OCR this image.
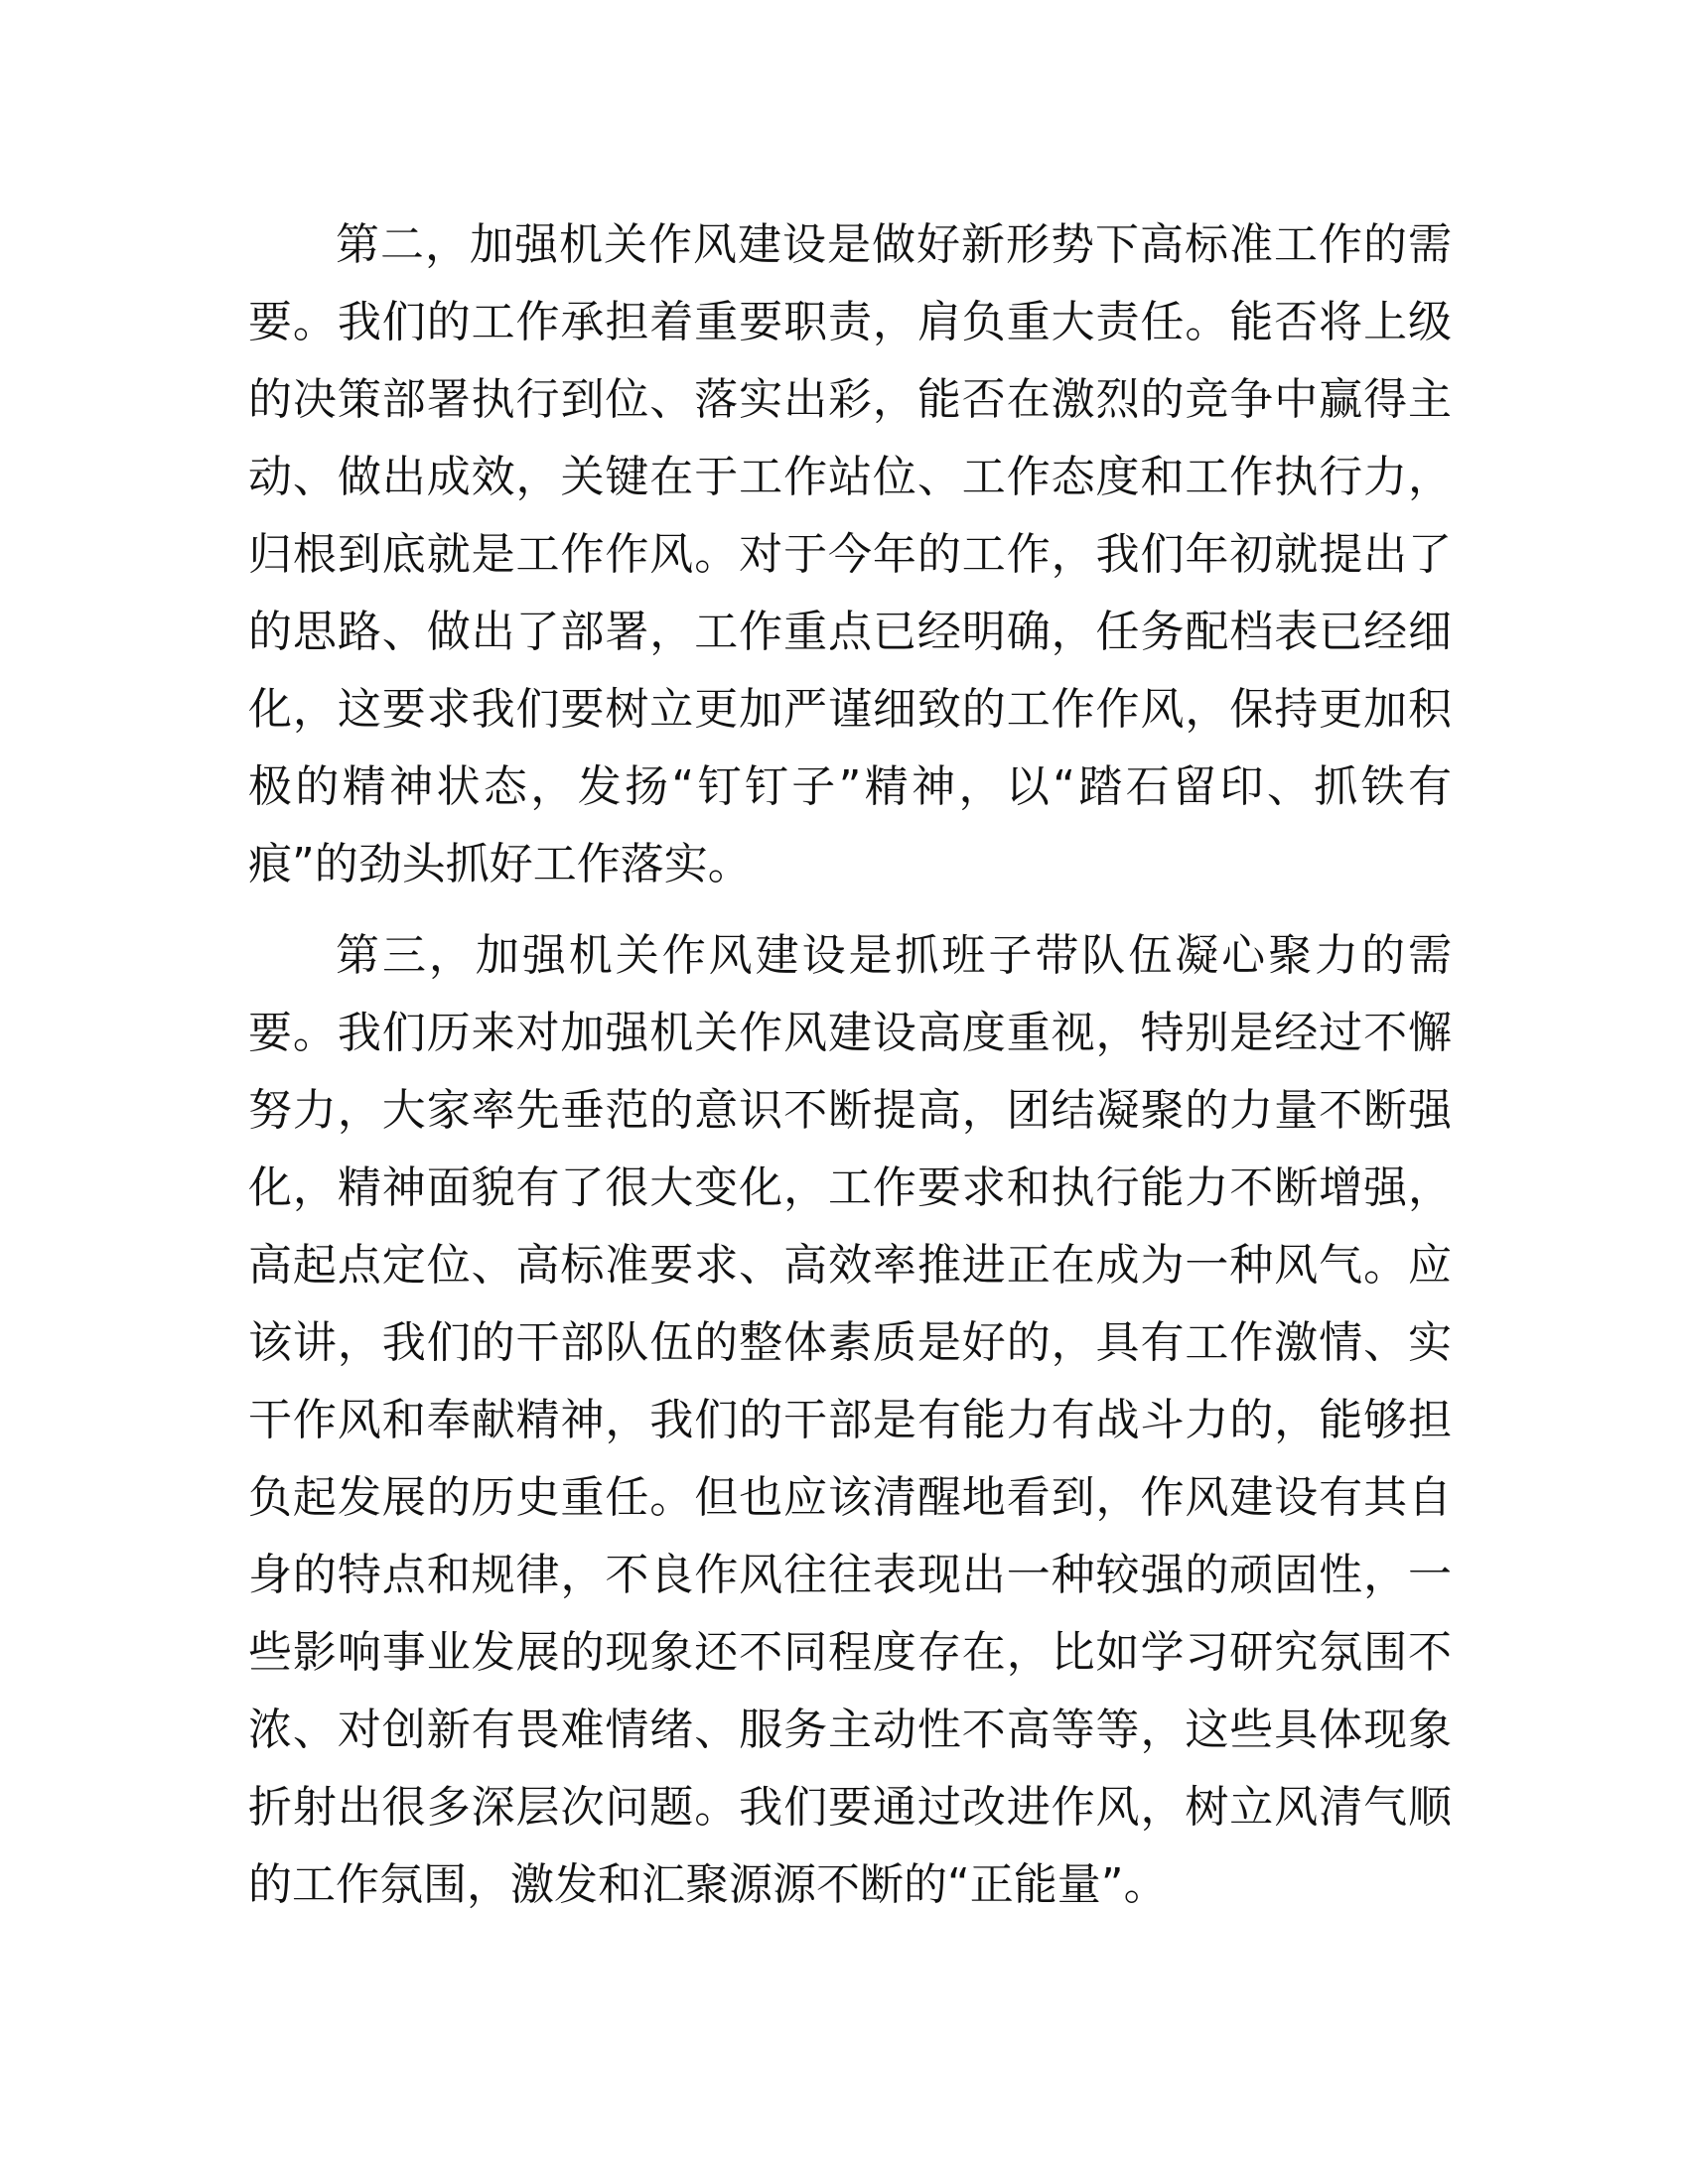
第二，加强机关作风建设是做好新形势下高标准工作的需
要。我们的工作承担着重要职责，肩负重大责任。能否将上级
的决策部署执行到位、落实出彩，能否在激烈的竞争中赢得主
动、做出成效，关键在于工作站位、工作态度和工作执行力，
归根到底就是工作作风。对于今年的工作，我们年初就提出了
的思路、做出了部署，工作重点已经明确，任务配档表已经细
化，这要求我们要树立更加严谨细致的工作作风，保持更加积
极的精神状态，发扬“钉钉子”精神，以“踏石留印、抓铁有
痕”的劲头抓好工作落实。
第三，加强机关作风建设是抓班子带队伍凝心聚力的需
要。我们历来对加强机关作风建设高度重视，特别是经过不懈
努力，大家率先垂范的意识不断提高，团结凝聚的力量不断强
化，精神面貌有了很大变化，工作要求和执行能力不断增强，
高起点定位、高标准要求、高效率推进正在成为一种风气。应
该讲，我们的干部队伍的整体素质是好的，具有工作激情、实
干作风和奉献精神，我们的干部是有能力有战斗力的，能够担
负起发展的历史重任。但也应该清醒地看到，作风建设有其自
身的特点和规律，不良作风往往表现出一种较强的顽固性，一
些影响事业发展的现象还不同程度存在，比如学习研究氛围不
浓、对创新有畏难情绪、服务主动性不高等等，这些具体现象
折射出很多深层次问题。我们要通过改进作风，树立风清气顺
的工作氛围，激发和汇聚源源不断的“正能量”。
